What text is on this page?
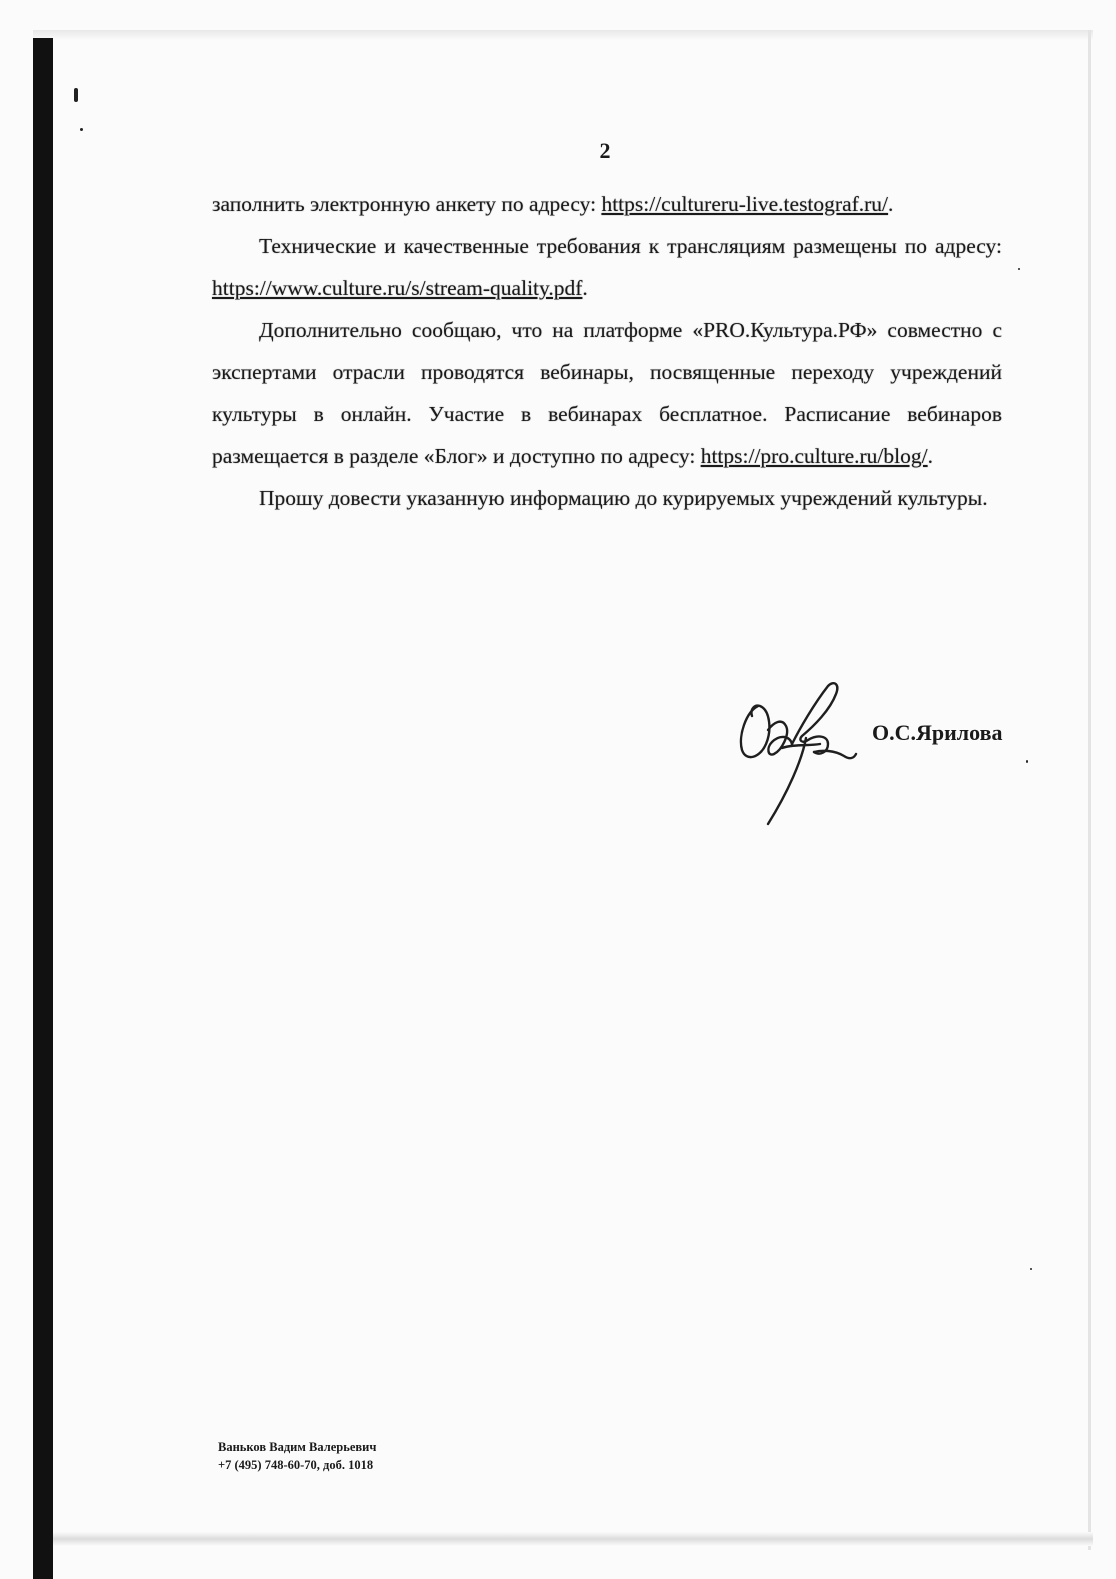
2

заполнить электронную анкету по адресу: https://cultureru-live.testograf.ru/.

Технические и качественные требования к трансляциям размещены по адресу: https://www.culture.ru/s/stream-quality.pdf.

Дополнительно сообщаю, что на платформе «PRO.Культура.РФ» совместно с экспертами отрасли проводятся вебинары, посвященные переходу учреждений культуры в онлайн. Участие в вебинарах бесплатное. Расписание вебинаров размещается в разделе «Блог» и доступно по адресу: https://pro.culture.ru/blog/.

Прошу довести указанную информацию до курируемых учреждений культуры.

О.С.Ярилова
Ваньков Вадим Валерьевич
+7 (495) 748-60-70, доб. 1018
